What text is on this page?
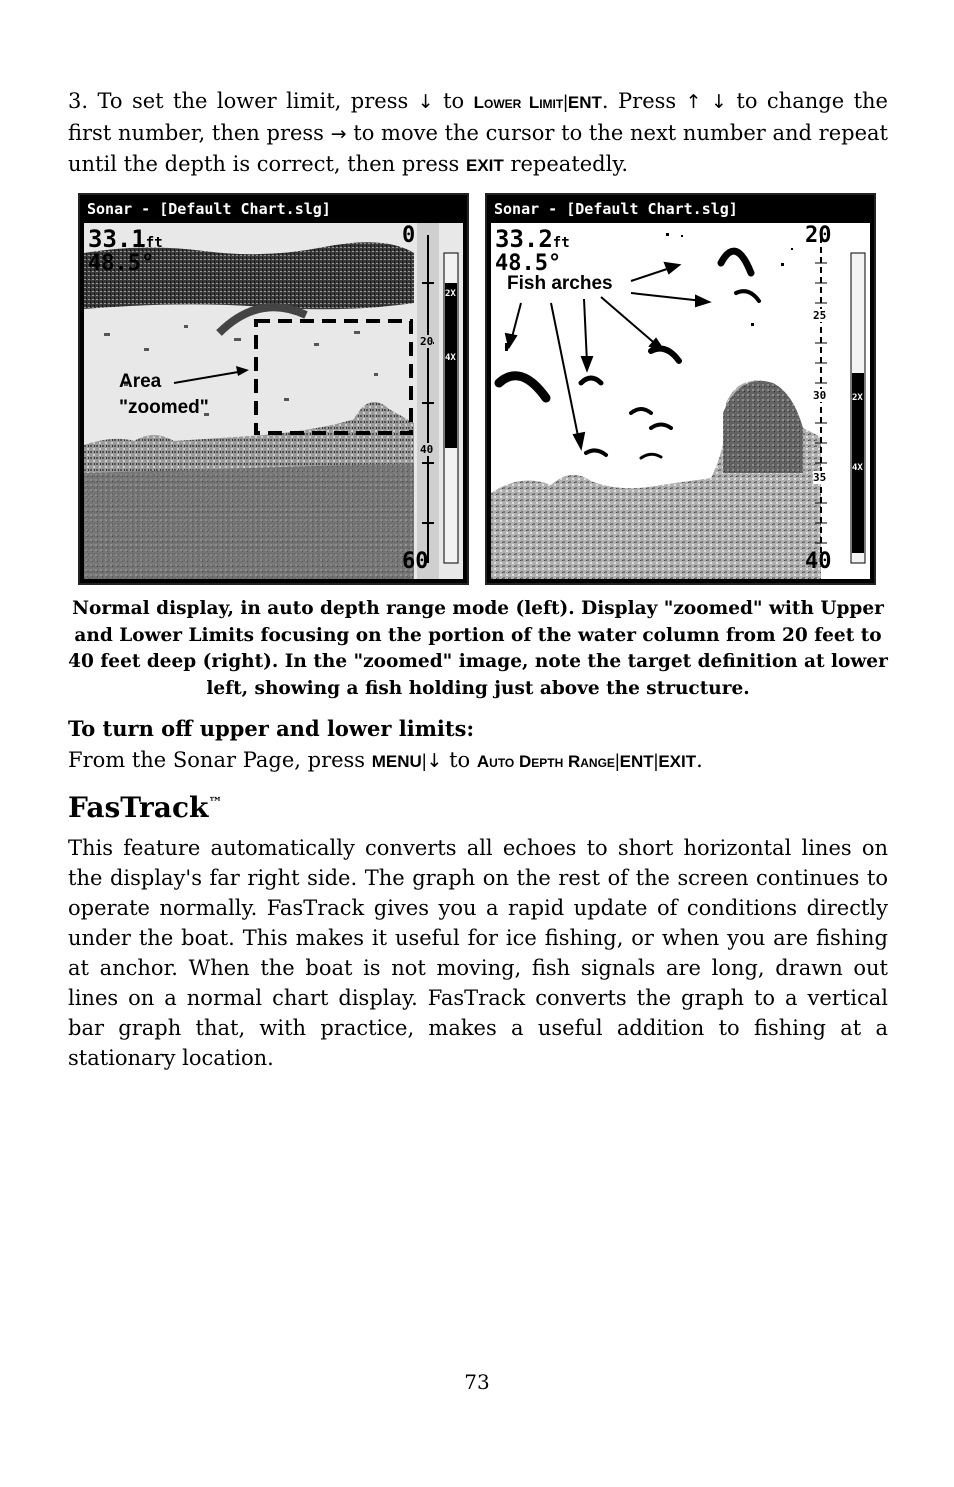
3. To set the lower limit, press ↓ to Lower Limit|ENT. Press ↑ ↓ to change the first number, then press → to move the cursor to the next number and repeat until the depth is correct, then press EXIT repeatedly.

Sonar - [Default Chart.slg]
33.1ft
48.5°
0
20
40
60
2X
4X
Area
"zoomed"
Sonar - [Default Chart.slg]
33.2ft
48.5°
20
25
30
35
40
2X
4X
Fish arches
Normal display, in auto depth range mode (left). Display "zoomed" with Upper and Lower Limits focusing on the portion of the water column from 20 feet to 40 feet deep (right). In the "zoomed" image, note the target definition at lower left, showing a fish holding just above the structure.
To turn off upper and lower limits:
From the Sonar Page, press MENU|↓ to Auto Depth Range|ENT|EXIT.
FasTrack™

This feature automatically converts all echoes to short horizontal lines on the display's far right side. The graph on the rest of the screen continues to operate normally. FasTrack gives you a rapid update of conditions directly under the boat. This makes it useful for ice fishing, or when you are fishing at anchor. When the boat is not moving, fish signals are long, drawn out lines on a normal chart display. FasTrack converts the graph to a vertical bar graph that, with practice, makes a useful addition to fishing at a stationary location.

73
